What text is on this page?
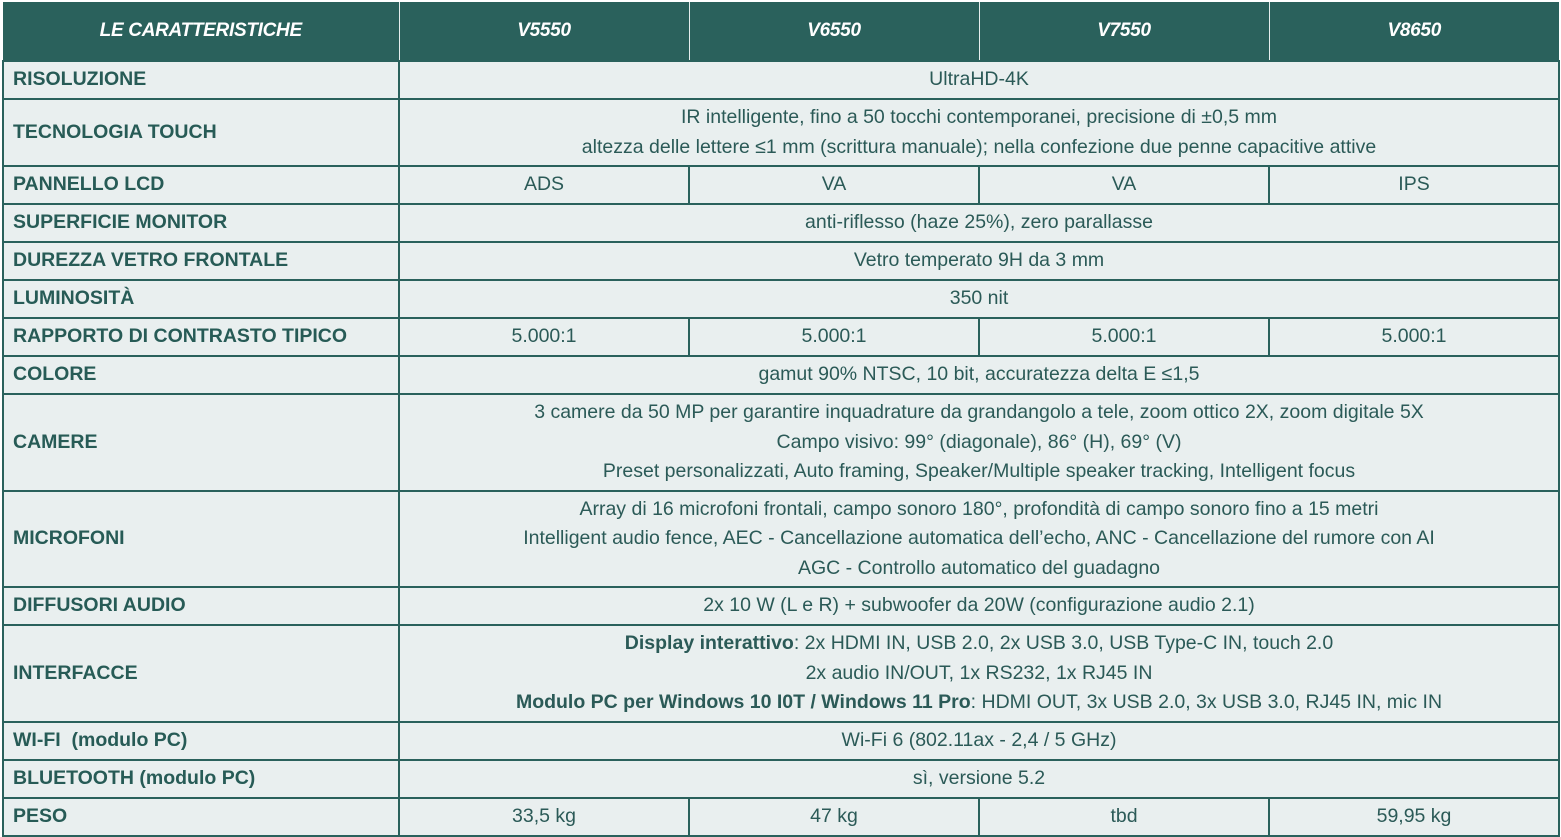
LE CARATTERISTICHE	V5550	V6550	V7550	V8650
RISOLUZIONE	UltraHD-4K			
TECNOLOGIA TOUCH	IR intelligente, fino a 50 tocchi contemporanei, precisione di ±0,5 mm
altezza delle lettere ≤1 mm (scrittura manuale); nella confezione due penne capacitive attive			

PANNELLO LCD	ADS	VA	VA	IPS
SUPERFICIE MONITOR	anti-riflesso (haze 25%), zero parallasse			
DUREZZA VETRO FRONTALE	Vetro temperato 9H da 3 mm			
LUMINOSITÀ	350 nit			
RAPPORTO DI CONTRASTO TIPICO	5.000:1	5.000:1	5.000:1	5.000:1
COLORE	gamut 90% NTSC, 10 bit, accuratezza delta E ≤1,5			
CAMERE	3 camere da 50 MP per garantire inquadrature da grandangolo a tele, zoom ottico 2X, zoom digitale 5X
Campo visivo: 99° (diagonale), 86° (H), 69° (V)
Preset personalizzati, Auto framing, Speaker/Multiple speaker tracking, Intelligent focus			

MICROFONI	Array di 16 microfoni frontali, campo sonoro 180°, profondità di campo sonoro fino a 15 metri
Intelligent audio fence, AEC - Cancellazione automatica dell’echo, ANC - Cancellazione del rumore con AI
AGC - Controllo automatico del guadagno			

DIFFUSORI AUDIO	2x 10 W (L e R) + subwoofer da 20W (configurazione audio 2.1)			
INTERFACCE	Display interattivo: 2x HDMI IN, USB 2.0, 2x USB 3.0, USB Type-C IN, touch 2.0
2x audio IN/OUT, 1x RS232, 1x RJ45 IN
Modulo PC per Windows 10 I0T / Windows 11 Pro: HDMI OUT, 3x USB 2.0, 3x USB 3.0, RJ45 IN, mic IN			

WI-FI  (modulo PC)	Wi-Fi 6 (802.11ax - 2,4 / 5 GHz)			
BLUETOOTH (modulo PC)	sì, versione 5.2			
PESO	33,5 kg	47 kg	tbd	59,95 kg
